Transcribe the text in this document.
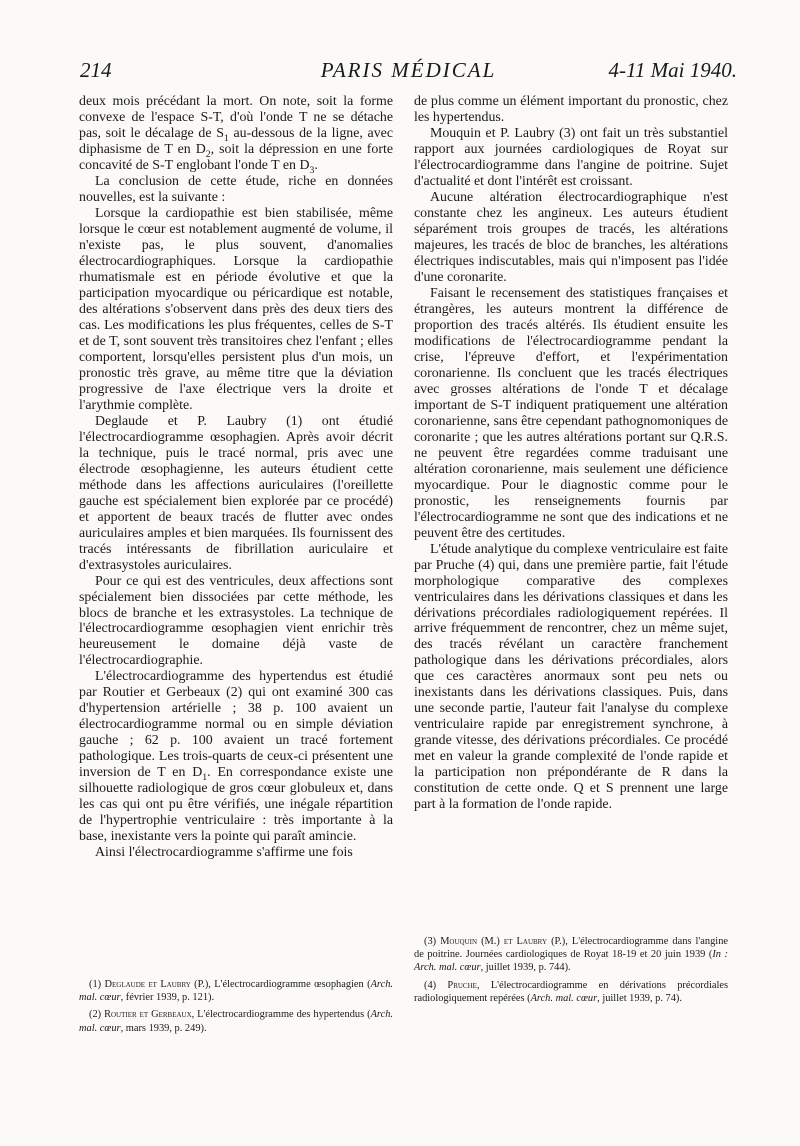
214	PARIS MÉDICAL	4-11 Mai 1940.

deux mois précédant la mort. On note, soit la forme convexe de l'espace S-T, d'où l'onde T ne se détache pas, soit le décalage de $S_1$ au-dessous de la ligne, avec diphasisme de T en $D_2$, soit la dépression en une forte concavité de S-T englobant l'onde T en $D_3$.

La conclusion de cette étude, riche en données nouvelles, est la suivante :

Lorsque la cardiopathie est bien stabilisée, même lorsque le cœur est notablement augmenté de volume, il n'existe pas, le plus souvent, d'anomalies électrocardiographiques. Lorsque la cardiopathie rhumatismale est en période évolutive et que la participation myocardique ou péricardique est notable, des altérations s'observent dans près des deux tiers des cas. Les modifications les plus fréquentes, celles de S-T et de T, sont souvent très transitoires chez l'enfant ; elles comportent, lorsqu'elles persistent plus d'un mois, un pronostic très grave, au même titre que la déviation progressive de l'axe électrique vers la droite et l'arythmie complète.

Deglaude et P. Laubry (1) ont étudié l'électrocardiogramme œsophagien. Après avoir décrit la technique, puis le tracé normal, pris avec une électrode œsophagienne, les auteurs étudient cette méthode dans les affections auriculaires (l'oreillette gauche est spécialement bien explorée par ce procédé) et apportent de beaux tracés de flutter avec ondes auriculaires amples et bien marquées. Ils fournissent des tracés intéressants de fibrillation auriculaire et d'extrasystoles auriculaires.

Pour ce qui est des ventricules, deux affections sont spécialement bien dissociées par cette méthode, les blocs de branche et les extrasystoles. La technique de l'électrocardiogramme œsophagien vient enrichir très heureusement le domaine déjà vaste de l'électrocardiographie.

L'électrocardiogramme des hypertendus est étudié par Routier et Gerbeaux (2) qui ont examiné 300 cas d'hypertension artérielle ; 38 p. 100 avaient un électrocardiogramme normal ou en simple déviation gauche ; 62 p. 100 avaient un tracé fortement pathologique. Les trois-quarts de ceux-ci présentent une inversion de T en $D_1$. En correspondance existe une silhouette radiologique de gros cœur globuleux et, dans les cas qui ont pu être vérifiés, une inégale répartition de l'hypertrophie ventriculaire : très importante à la base, inexistante vers la pointe qui paraît amincie.

Ainsi l'électrocardiogramme s'affirme une fois

(1) Deglaude et Laubry (P.), L'électrocardiogramme œsophagien (Arch. mal. cœur, février 1939, p. 121).

(2) Routier et Gerbeaux, L'électrocardiogramme des hypertendus (Arch. mal. cœur, mars 1939, p. 249).

de plus comme un élément important du pronostic, chez les hypertendus.

Mouquin et P. Laubry (3) ont fait un très substantiel rapport aux journées cardiologiques de Royat sur l'électrocardiogramme dans l'angine de poitrine. Sujet d'actualité et dont l'intérêt est croissant.

Aucune altération électrocardiographique n'est constante chez les angineux. Les auteurs étudient séparément trois groupes de tracés, les altérations majeures, les tracés de bloc de branches, les altérations électriques indiscutables, mais qui n'imposent pas l'idée d'une coronarite.

Faisant le recensement des statistiques françaises et étrangères, les auteurs montrent la différence de proportion des tracés altérés. Ils étudient ensuite les modifications de l'électrocardiogramme pendant la crise, l'épreuve d'effort, et l'expérimentation coronarienne. Ils concluent que les tracés électriques avec grosses altérations de l'onde T et décalage important de S-T indiquent pratiquement une altération coronarienne, sans être cependant pathognomoniques de coronarite ; que les autres altérations portant sur Q.R.S. ne peuvent être regardées comme traduisant une altération coronarienne, mais seulement une déficience myocardique. Pour le diagnostic comme pour le pronostic, les renseignements fournis par l'électrocardiogramme ne sont que des indications et ne peuvent être des certitudes.

L'étude analytique du complexe ventriculaire est faite par Pruche (4) qui, dans une première partie, fait l'étude morphologique comparative des complexes ventriculaires dans les dérivations classiques et dans les dérivations précordiales radiologiquement repérées. Il arrive fréquemment de rencontrer, chez un même sujet, des tracés révélant un caractère franchement pathologique dans les dérivations précordiales, alors que ces caractères anormaux sont peu nets ou inexistants dans les dérivations classiques. Puis, dans une seconde partie, l'auteur fait l'analyse du complexe ventriculaire rapide par enregistrement synchrone, à grande vitesse, des dérivations précordiales. Ce procédé met en valeur la grande complexité de l'onde rapide et la participation non prépondérante de R dans la constitution de cette onde. Q et S prennent une large part à la formation de l'onde rapide.

(3) Mouquin (M.) et Laubry (P.), L'électrocardiogramme dans l'angine de poitrine. Journées cardiologiques de Royat 18-19 et 20 juin 1939 (In : Arch. mal. cœur, juillet 1939, p. 744).

(4) Pruche, L'électrocardiogramme en dérivations précordiales radiologiquement repérées (Arch. mal. cœur, juillet 1939, p. 74).
